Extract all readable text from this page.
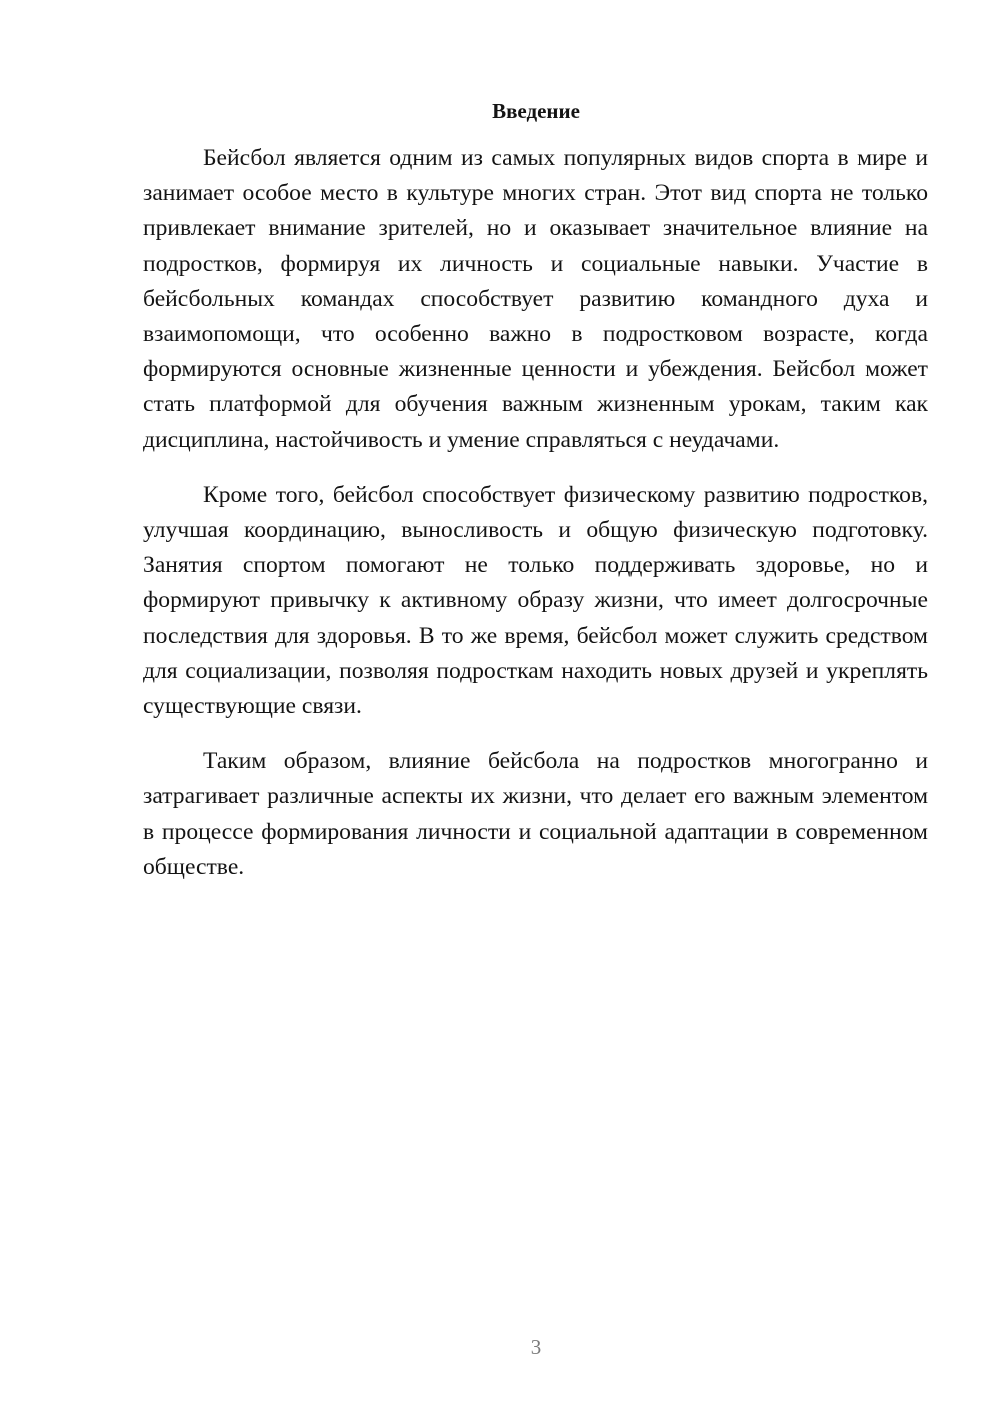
Введение

Бейсбол является одним из самых популярных видов спорта в мире и занимает особое место в культуре многих стран. Этот вид спорта не только привлекает внимание зрителей, но и оказывает значительное влияние на подростков, формируя их личность и социальные навыки. Участие в бейсбольных командах способствует развитию командного духа и взаимопомощи, что особенно важно в подростковом возрасте, когда формируются основные жизненные ценности и убеждения. Бейсбол может стать платформой для обучения важным жизненным урокам, таким как дисциплина, настойчивость и умение справляться с неудачами.

Кроме того, бейсбол способствует физическому развитию подростков, улучшая координацию, выносливость и общую физическую подготовку. Занятия спортом помогают не только поддерживать здоровье, но и формируют привычку к активному образу жизни, что имеет долгосрочные последствия для здоровья. В то же время, бейсбол может служить средством для социализации, позволяя подросткам находить новых друзей и укреплять существующие связи.

Таким образом, влияние бейсбола на подростков многогранно и затрагивает различные аспекты их жизни, что делает его важным элементом в процессе формирования личности и социальной адаптации в современном обществе.

3
